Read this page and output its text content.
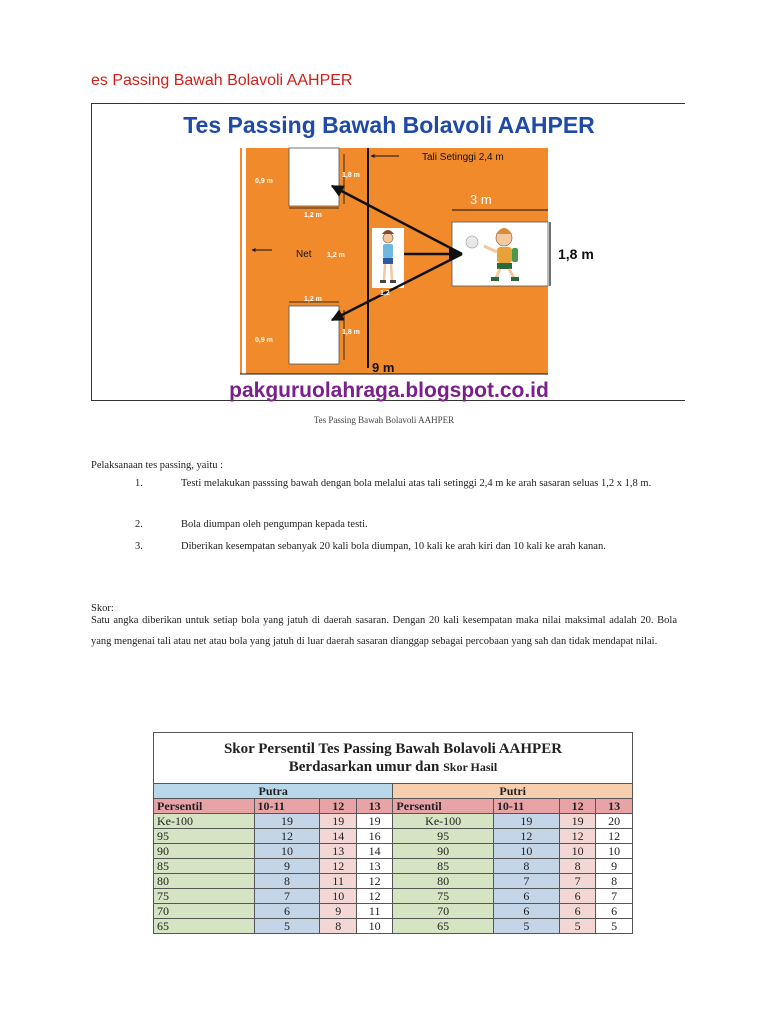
es Passing Bawah Bolavoli AAHPER
Tes Passing Bawah Bolavoli AAHPER
Tali Setinggi 2,4 m
3 m
1,8 m
Net
9 m
0,9 m
0,9 m
1,8 m
1,8 m
1,2 m
1,2 m
1,2 m
1,2
pakguruolahraga.blogspot.co.id
Tes Passing Bawah Bolavoli AAHPER
Pelaksanaan tes passing, yaitu :
1.	Testi melakukan passsing bawah dengan bola melalui atas tali setinggi 2,4 m ke arah sasaran seluas 1,2 x 1,8 m.
2.	Bola diumpan oleh pengumpan kepada testi.
3.	Diberikan kesempatan sebanyak 20 kali bola diumpan, 10 kali ke arah kiri dan 10 kali ke arah kanan.
Skor:
Satu angka diberikan untuk setiap bola yang jatuh di daerah sasaran. Dengan 20 kali kesempatan maka nilai maksimal adalah 20. Bola yang mengenai tali atau net atau bola yang jatuh di luar daerah sasaran dianggap sebagai percobaan yang sah dan tidak mendapat nilai.
Skor Persentil Tes Passing Bawah Bolavoli AAHPER
Berdasarkan umur dan Skor Hasil							

Putra				Putri			
Persentil	10-11	12	13	Persentil	10-11	12	13
Ke-100	19	19	19	Ke-100	19	19	20
95	12	14	16	95	12	12	12
90	10	13	14	90	10	10	10
85	9	12	13	85	8	8	9
80	8	11	12	80	7	7	8
75	7	10	12	75	6	6	7
70	6	9	11	70	6	6	6
65	5	8	10	65	5	5	5
